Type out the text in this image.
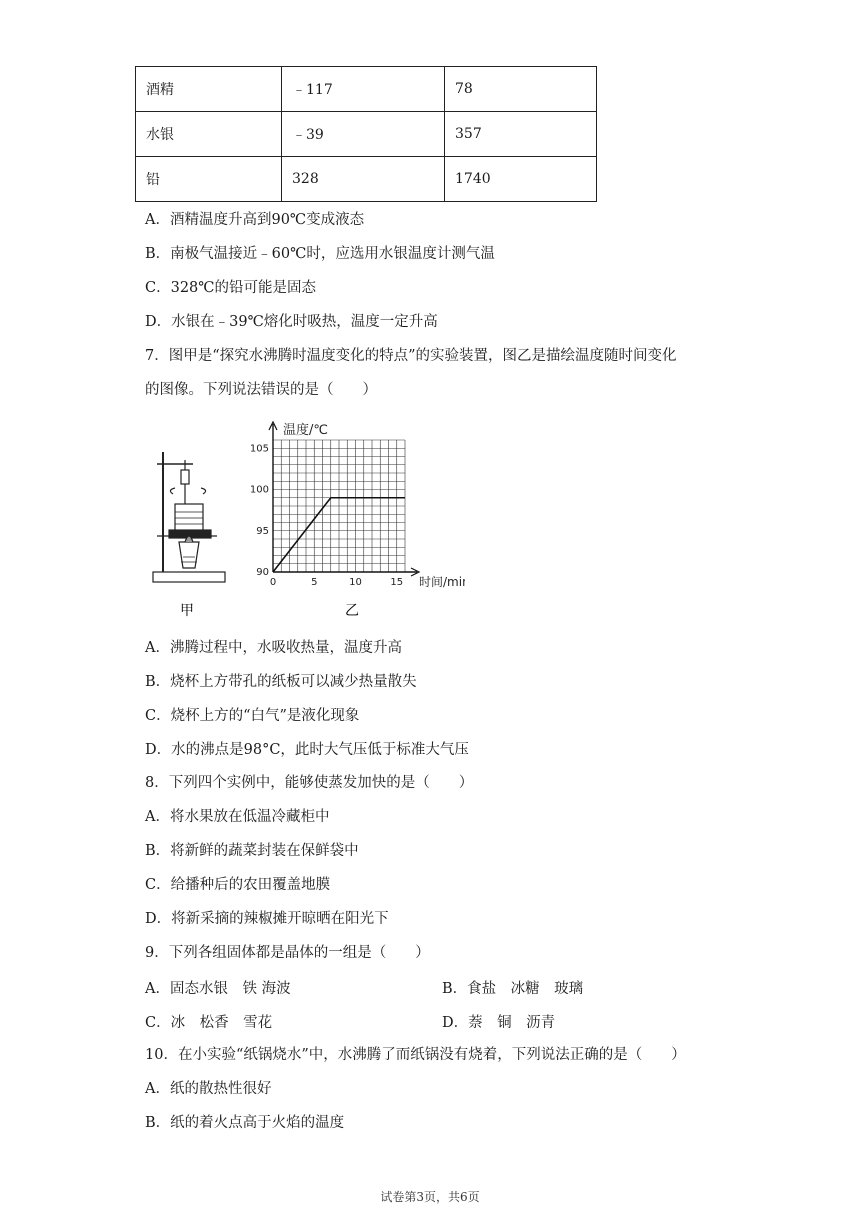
酒精	﹣117	78
水银	﹣39	357
铅	328	1740
A．酒精温度升高到90℃变成液态
B．南极气温接近﹣60℃时，应选用水银温度计测气温
C．328℃的铅可能是固态
D．水银在﹣39℃熔化时吸热，温度一定升高
7．图甲是“探究水沸腾时温度变化的特点”的实验装置，图乙是描绘温度随时间变化
的图像。下列说法错误的是（　　）
甲
90
95
100
105
0	5	10	15
温度/℃
时间/min
乙
A．沸腾过程中，水吸收热量，温度升高
B．烧杯上方带孔的纸板可以减少热量散失
C．烧杯上方的“白气”是液化现象
D．水的沸点是98°C，此时大气压低于标准大气压
8．下列四个实例中，能够使蒸发加快的是（　　）
A．将水果放在低温冷藏柜中
B．将新鲜的蔬菜封装在保鲜袋中
C．给播种后的农田覆盖地膜
D．将新采摘的辣椒摊开晾晒在阳光下
9．下列各组固体都是晶体的一组是（　　）
A．固态水银　铁 海波	B．食盐　冰糖　玻璃
C．冰　松香　雪花	D．萘　铜　沥青
10．在小实验“纸锅烧水”中，水沸腾了而纸锅没有烧着，下列说法正确的是（　　）
A．纸的散热性很好
B．纸的着火点高于火焰的温度
试卷第3页，共6页
